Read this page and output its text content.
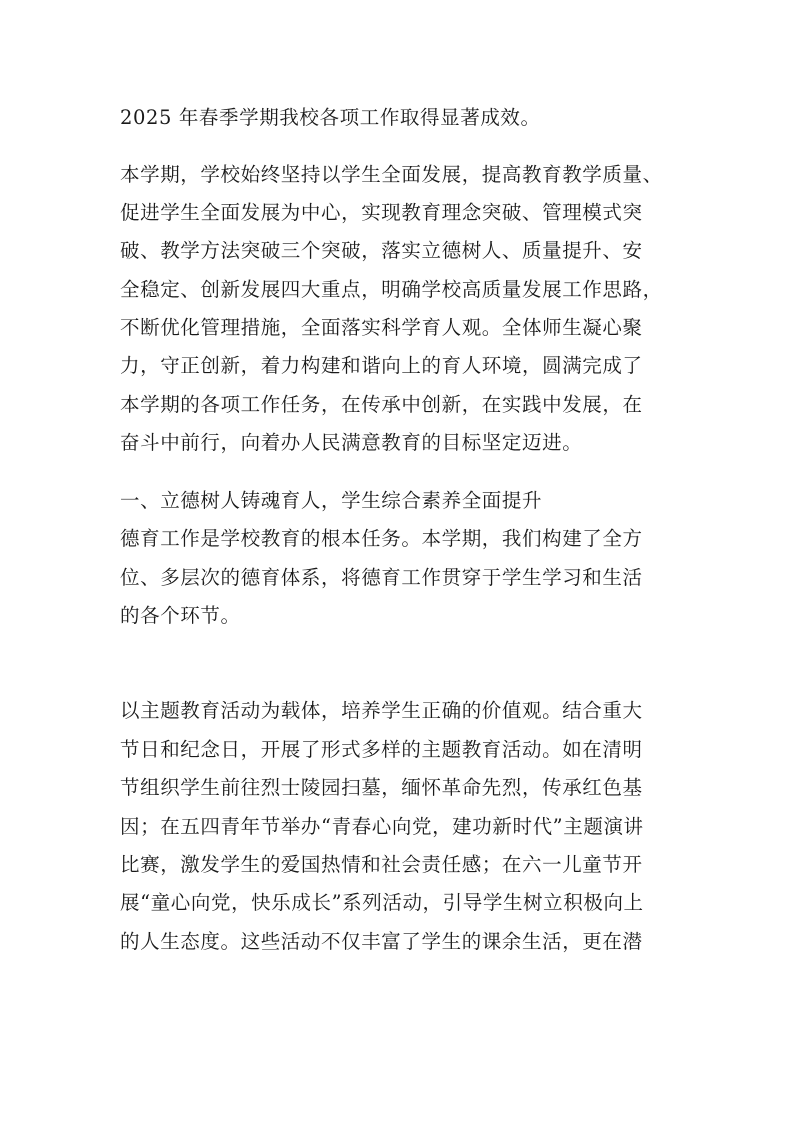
2025 年春季学期我校各项工作取得显著成效。
本学期，学校始终坚持以学生全面发展，提高教育教学质量、
促进学生全面发展为中心，实现教育理念突破、管理模式突
破、教学方法突破三个突破，落实立德树人、质量提升、安
全稳定、创新发展四大重点，明确学校高质量发展工作思路，
不断优化管理措施，全面落实科学育人观。全体师生凝心聚
力，守正创新，着力构建和谐向上的育人环境，圆满完成了
本学期的各项工作任务，在传承中创新，在实践中发展，在
奋斗中前行，向着办人民满意教育的目标坚定迈进。
一、立德树人铸魂育人，学生综合素养全面提升
德育工作是学校教育的根本任务。本学期，我们构建了全方
位、多层次的德育体系，将德育工作贯穿于学生学习和生活
的各个环节。
以主题教育活动为载体，培养学生正确的价值观。结合重大
节日和纪念日，开展了形式多样的主题教育活动。如在清明
节组织学生前往烈士陵园扫墓，缅怀革命先烈，传承红色基
因；在五四青年节举办“青春心向党，建功新时代”主题演讲
比赛，激发学生的爱国热情和社会责任感；在六一儿童节开
展“童心向党，快乐成长”系列活动，引导学生树立积极向上
的人生态度。这些活动不仅丰富了学生的课余生活，更在潜
